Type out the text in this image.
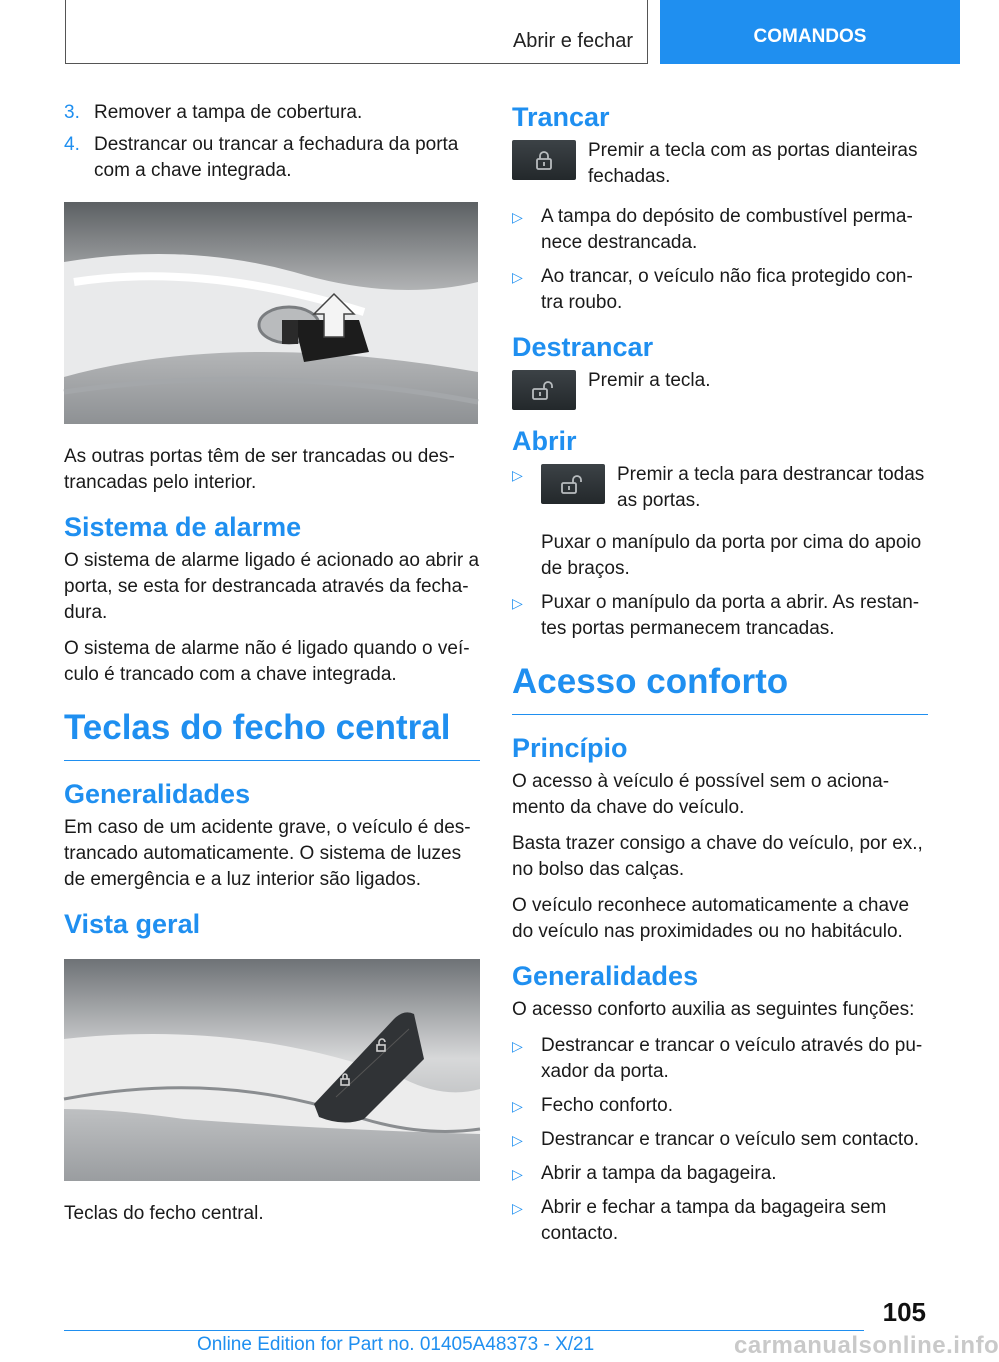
Abrir e fechar	COMANDOS
3. Remover a tampa de cobertura.
4. Destrancar ou trancar a fechadura da porta com a chave integrada.

As outras portas têm de ser trancadas ou destrancadas pelo interior.

Sistema de alarme

O sistema de alarme ligado é acionado ao abrir a porta, se esta for destrancada através da fechadura.

O sistema de alarme não é ligado quando o veículo é trancado com a chave integrada.

Teclas do fecho central
Generalidades

Em caso de um acidente grave, o veículo é destrancado automaticamente. O sistema de luzes de emergência e a luz interior são ligados.

Vista geral

Teclas do fecho central.

Trancar

Premir a tecla com as portas dianteiras fechadas.

▷ A tampa do depósito de combustível permanece destrancada.
▷ Ao trancar, o veículo não fica protegido contra roubo.
Destrancar

Premir a tecla.

Abrir
▷	Premir a tecla para destrancar todas as portas.

Puxar o manípulo da porta por cima do apoio de braços.

▷ Puxar o manípulo da porta a abrir. As restantes portas permanecem trancadas.
Acesso conforto
Princípio

O acesso à veículo é possível sem o acionamento da chave do veículo.

Basta trazer consigo a chave do veículo, por ex., no bolso das calças.

O veículo reconhece automaticamente a chave do veículo nas proximidades ou no habitáculo.

Generalidades

O acesso conforto auxilia as seguintes funções:

▷ Destrancar e trancar o veículo através do puxador da porta.
▷ Fecho conforto.
▷ Destrancar e trancar o veículo sem contacto.
▷ Abrir a tampa da bagageira.
▷ Abrir e fechar a tampa da bagageira sem contacto.
105
Online Edition for Part no. 01405A48373 - X/21	carmanualsonline.info
